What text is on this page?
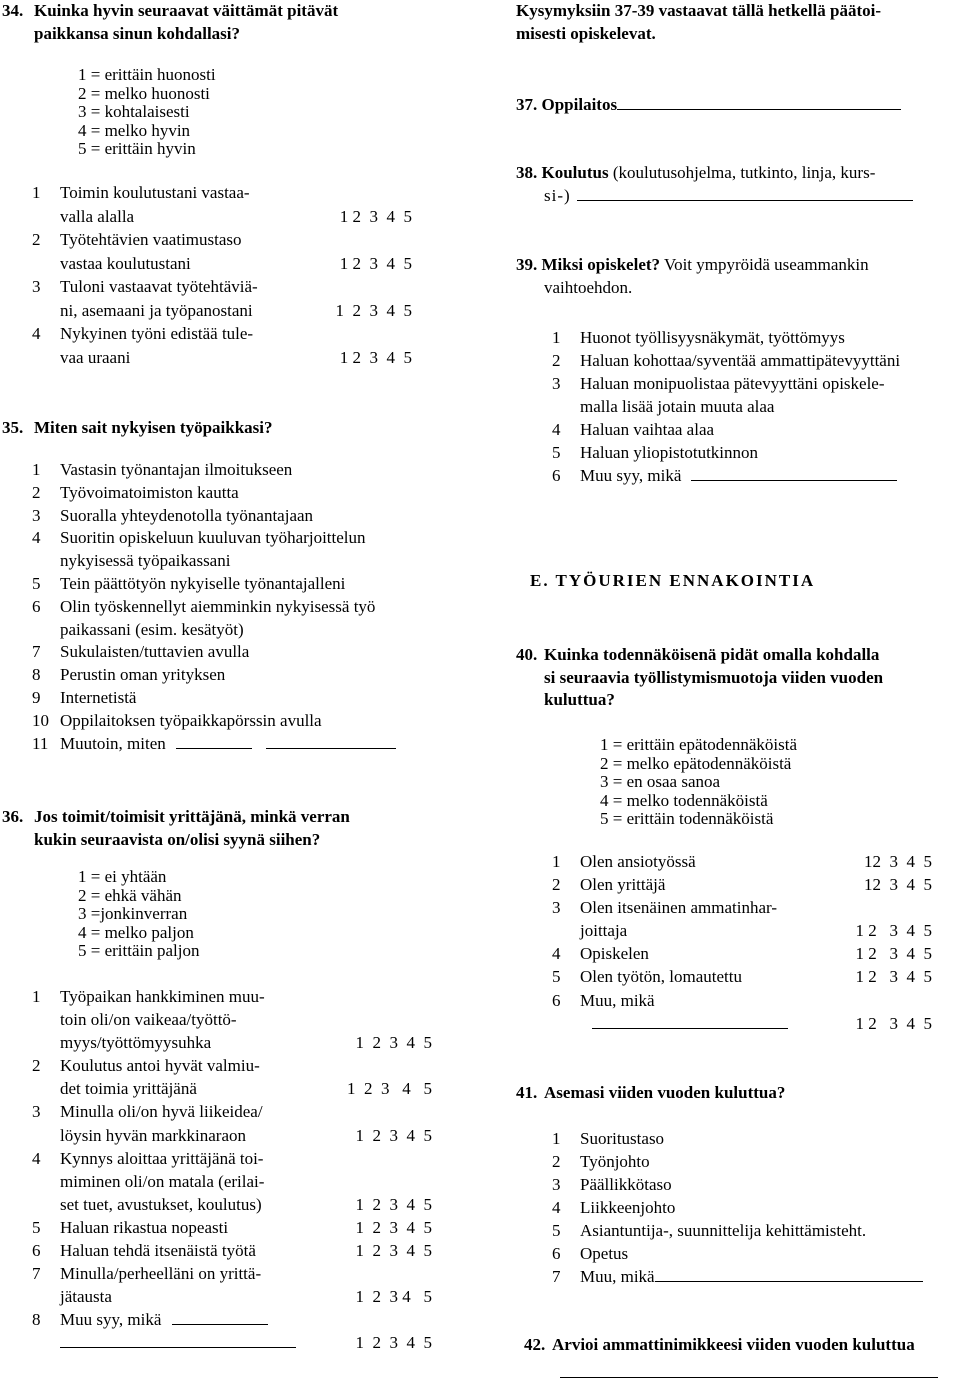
34. Kuinka hyvin seuraavat väittämät pitävät
paikkansa sinun kohdallasi?
1 = erittäin huonosti
2 = melko huonosti
3 = kohtalaisesti
4 = melko hyvin
5 = erittäin hyvin
1	Toimin koulutustani vastaa-
valla alalla	1 2  3  4  5
2	Työtehtävien vaatimustaso
vastaa koulutustani	1 2  3  4  5
3	Tuloni vastaavat työtehtäviä-
ni, asemaani ja työpanostani	1  2  3  4  5
4	Nykyinen työni edistää tule-
vaa uraani	1 2  3  4  5
35. Miten sait nykyisen työpaikkasi?
1	Vastasin työnantajan ilmoitukseen
2	Työvoimatoimiston kautta
3	Suoralla yhteydenotolla työnantajaan
4	Suoritin opiskeluun kuuluvan työharjoittelun
nykyisessä työpaikassani
5	Tein päättötyön nykyiselle työnantajalleni
6	Olin työskennellyt aiemminkin nykyisessä työ
paikassani (esim. kesätyöt)
7	Sukulaisten/tuttavien avulla
8	Perustin oman yrityksen
9	Internetistä
10 Oppilaitoksen työpaikkapörssin avulla
11 Muutoin, miten
36. Jos toimit/toimisit yrittäjänä, minkä verran
kukin seuraavista on/olisi syynä siihen?
1 = ei yhtään
2 = ehkä vähän
3 =jonkinverran
4 = melko paljon
5 = erittäin paljon
1	Työpaikan hankkiminen muu-
toin oli/on vaikeaa/työttö-
myys/työttömyysuhka	1  2  3  4  5
2	Koulutus antoi hyvät valmiu-
det toimia yrittäjänä	1  2  3   4   5
3	Minulla oli/on hyvä liikeidea/
löysin hyvän markkinaraon	1  2  3  4  5
4	Kynnys aloittaa yrittäjänä toi-
miminen oli/on matala (erilai-
set tuet, avustukset, koulutus)	1  2  3  4  5
5	Haluan rikastua nopeasti	1  2  3  4  5
6	Haluan tehdä itsenäistä työtä	1  2  3  4  5
7	Minulla/perheelläni on yrittä-
jätausta	1  2  3 4   5
8	Muu syy, mikä

1  2  3  4  5
Kysymyksiin 37-39 vastaavat tällä hetkellä päätoi-
misesti opiskelevat.
37. Oppilaitos
38. Koulutus (koulutusohjelma, tutkinto, linja, kurs-
si-)
39. Miksi opiskelet? Voit ympyröidä useammankin
vaihtoehdon.
1	Huonot työllisyysnäkymät, työttömyys
2	Haluan kohottaa/syventää ammattipätevyyttäni
3	Haluan monipuolistaa pätevyyttäni opiskele-
malla lisää jotain muuta alaa
4	Haluan vaihtaa alaa
5	Haluan yliopistotutkinnon
6	Muu syy, mikä
E. TYÖURIEN ENNAKOINTIA
40. Kuinka todennäköisenä pidät omalla kohdalla
si seuraavia työllistymismuotoja viiden vuoden
kuluttua?
1 = erittäin epätodennäköistä
2 = melko epätodennäköistä
3 = en osaa sanoa
4 = melko todennäköistä
5 = erittäin todennäköistä
1	Olen ansiotyössä	12  3  4  5
2	Olen yrittäjä	12  3  4  5
3	Olen itsenäinen ammatinhar-
joittaja	1 2   3  4  5
4	Opiskelen	1 2   3  4  5
5	Olen työtön, lomautettu	1 2   3  4  5
6	Muu, mikä

1 2   3  4  5
41. Asemasi viiden vuoden kuluttua?
1	Suoritustaso
2	Työnjohto
3	Päällikkötaso
4	Liikkeenjohto
5	Asiantuntija-, suunnittelija kehittämisteht.
6	Opetus
7	Muu, mikä
42. Arvioi ammattinimikkeesi viiden vuoden kuluttua
